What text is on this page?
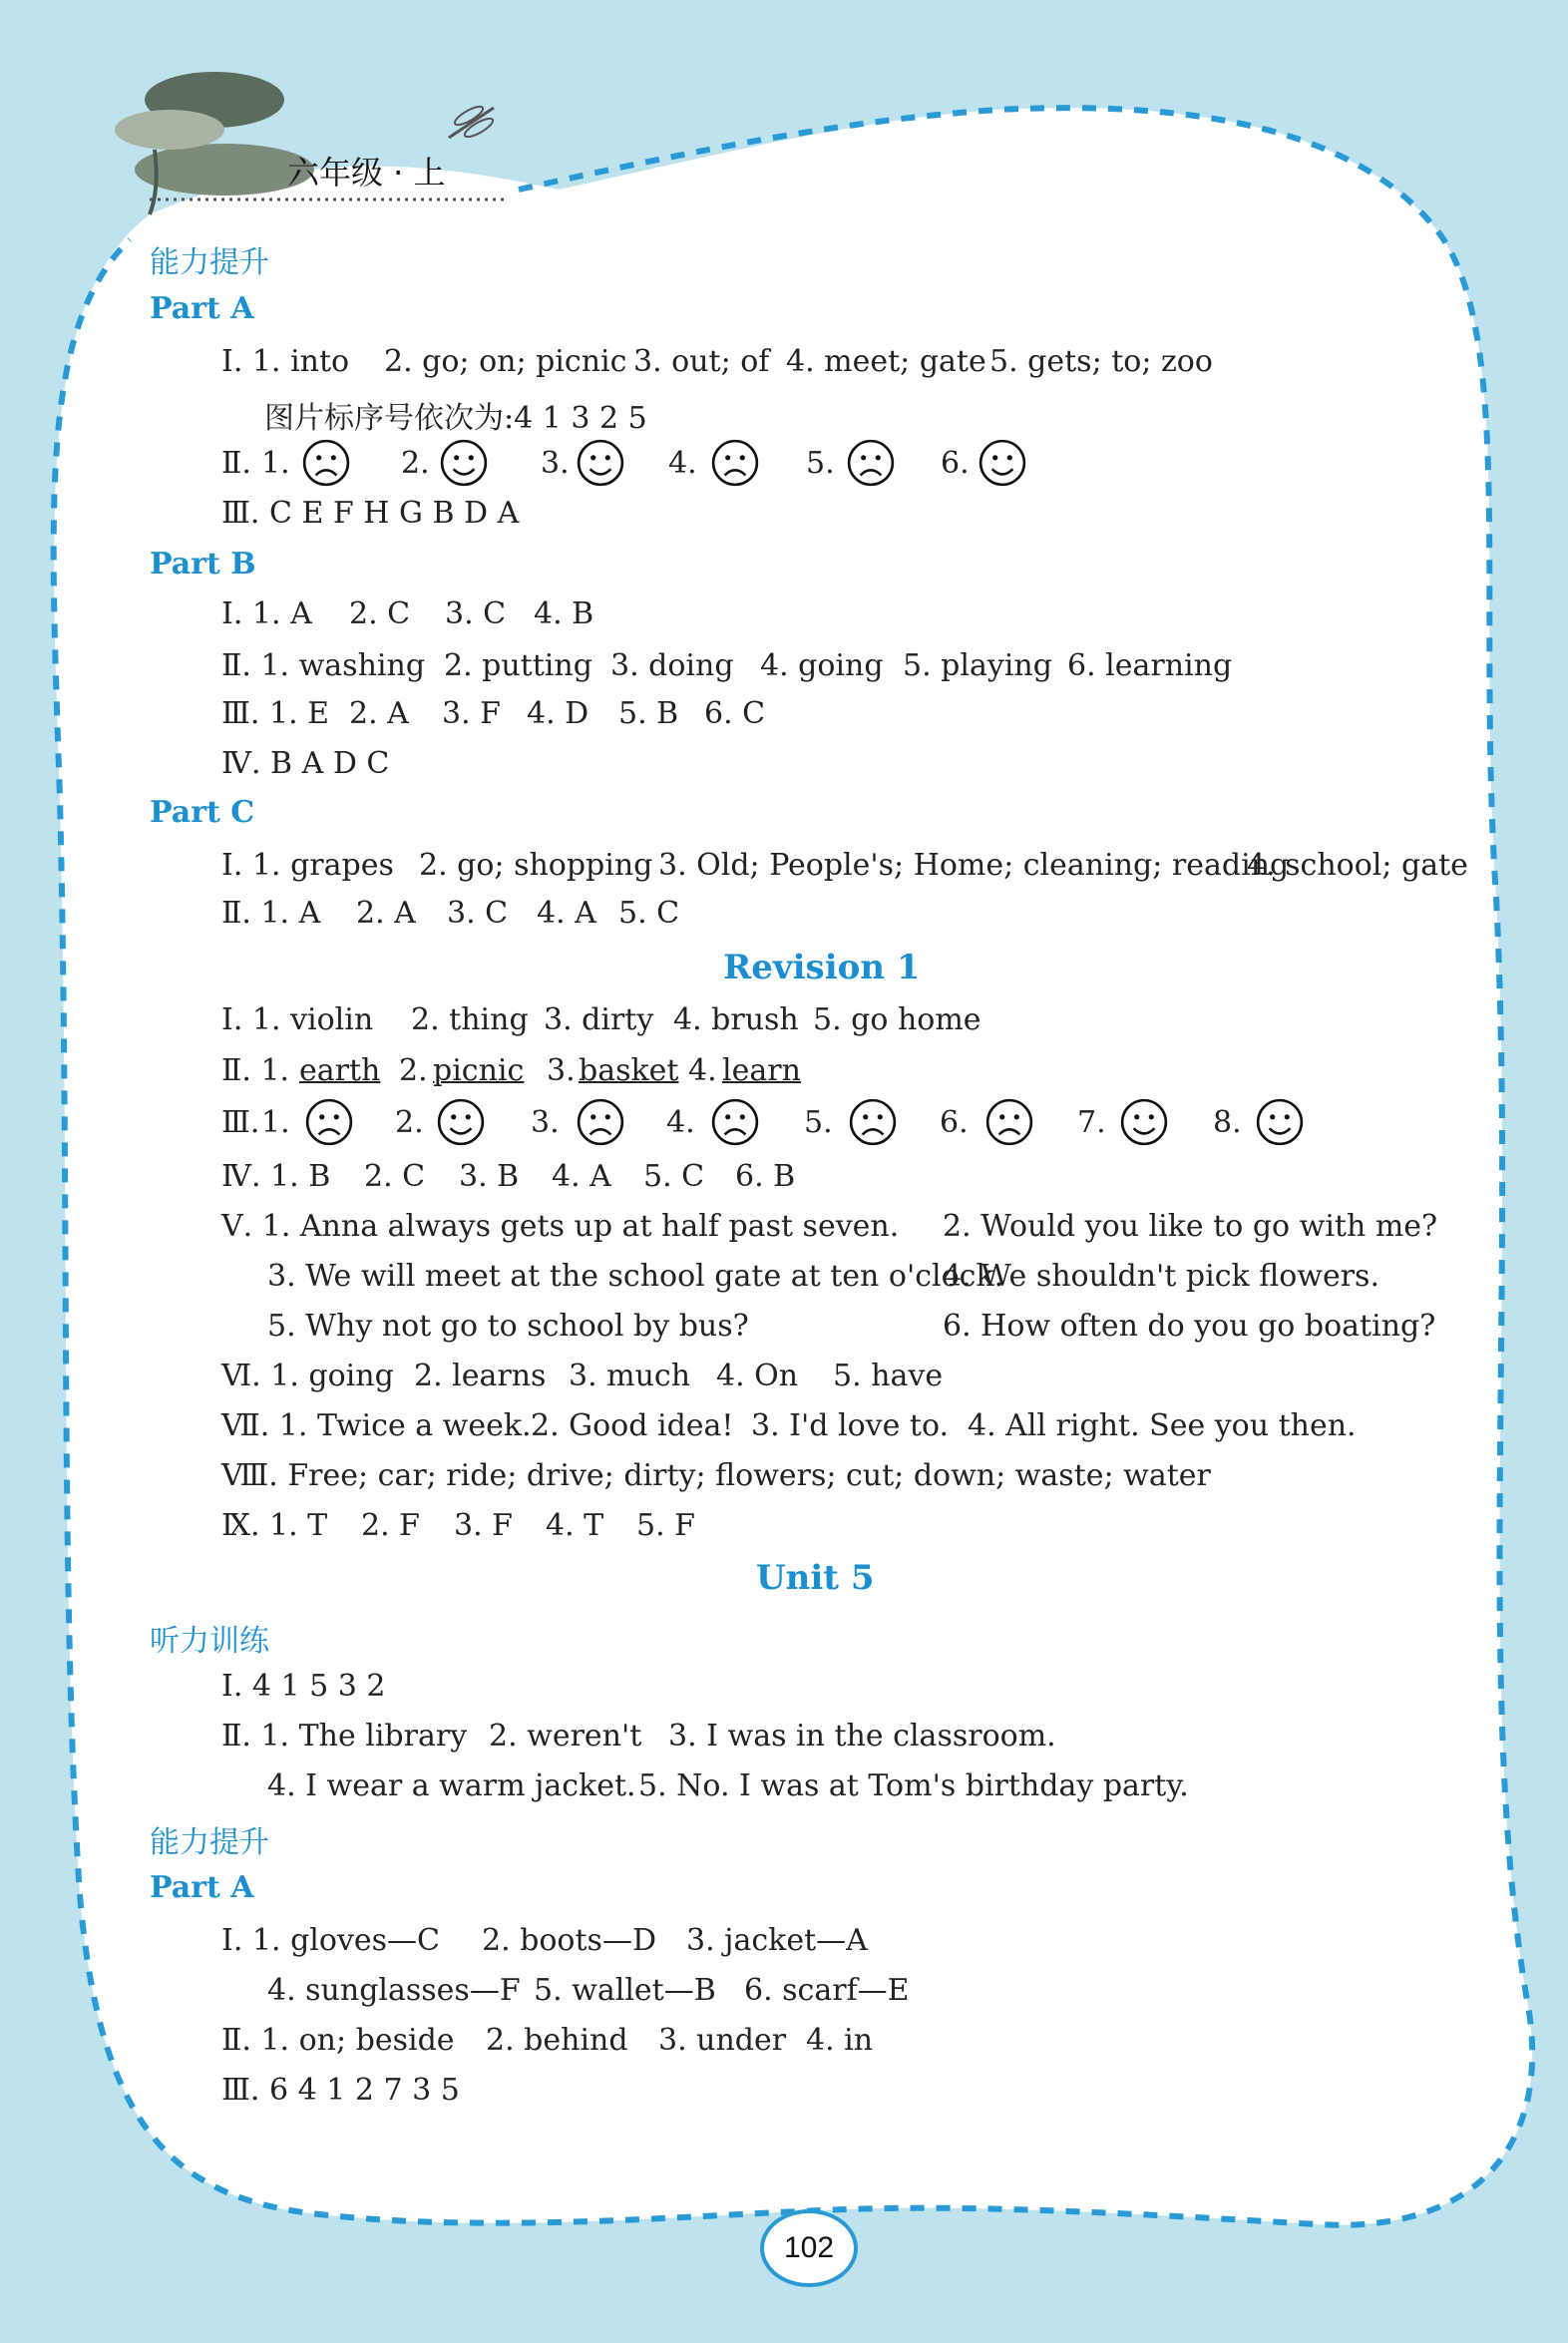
六年级 · 上
能力提升
Part A
Ⅰ. 1. into 2. go; on; picnic 3. out; of 4. meet; gate 5. gets; to; zoo
图片标序号依次为:4 1 3 2 5
Ⅱ. 1.	2.	3.	4.	5.	6.
Ⅲ. C E F H G B D A
Part B
Ⅰ. 1. A 2. C 3. C 4. B
Ⅱ. 1. washing 2. putting 3. doing 4. going 5. playing 6. learning
Ⅲ. 1. E 2. A 3. F 4. D 5. B 6. C
Ⅳ. B A D C
Part C
Ⅰ. 1. grapes 2. go; shopping 3. Old; People's; Home; cleaning; reading
4. school; gate
Ⅱ. 1. A 2. A 3. C 4. A 5. C
Revision 1
Ⅰ. 1. violin 2. thing 3. dirty 4. brush 5. go home
Ⅱ. 1. earth 2. picnic 3. basket 4. learn
Ⅲ. 1.	2.	3.	4.	5.	6.	7.	8.
Ⅳ. 1. B 2. C 3. B 4. A 5. C 6. B
Ⅴ. 1. Anna always gets up at half past seven. 2. Would you like to go with me?
3. We will meet at the school gate at ten o'clock.
4. We shouldn't pick flowers.
5. Why not go to school by bus?	6. How often do you go boating?
Ⅵ. 1. going 2. learns 3. much 4. On 5. have
Ⅶ. 1. Twice a week. 2. Good idea! 3. I'd love to. 4. All right. See you then.
Ⅷ. Free; car; ride; drive; dirty; flowers; cut; down; waste; water
Ⅸ. 1. T 2. F 3. F 4. T 5. F
Unit 5
听力训练
Ⅰ. 4 1 5 3 2
Ⅱ. 1. The library 2. weren't 3. I was in the classroom.
4. I wear a warm jacket. 5. No. I was at Tom's birthday party.
能力提升
Part A
Ⅰ. 1. gloves—C 2. boots—D 3. jacket—A
4. sunglasses—F 5. wallet—B 6. scarf—E
Ⅱ. 1. on; beside 2. behind 3. under 4. in
Ⅲ. 6 4 1 2 7 3 5
102
